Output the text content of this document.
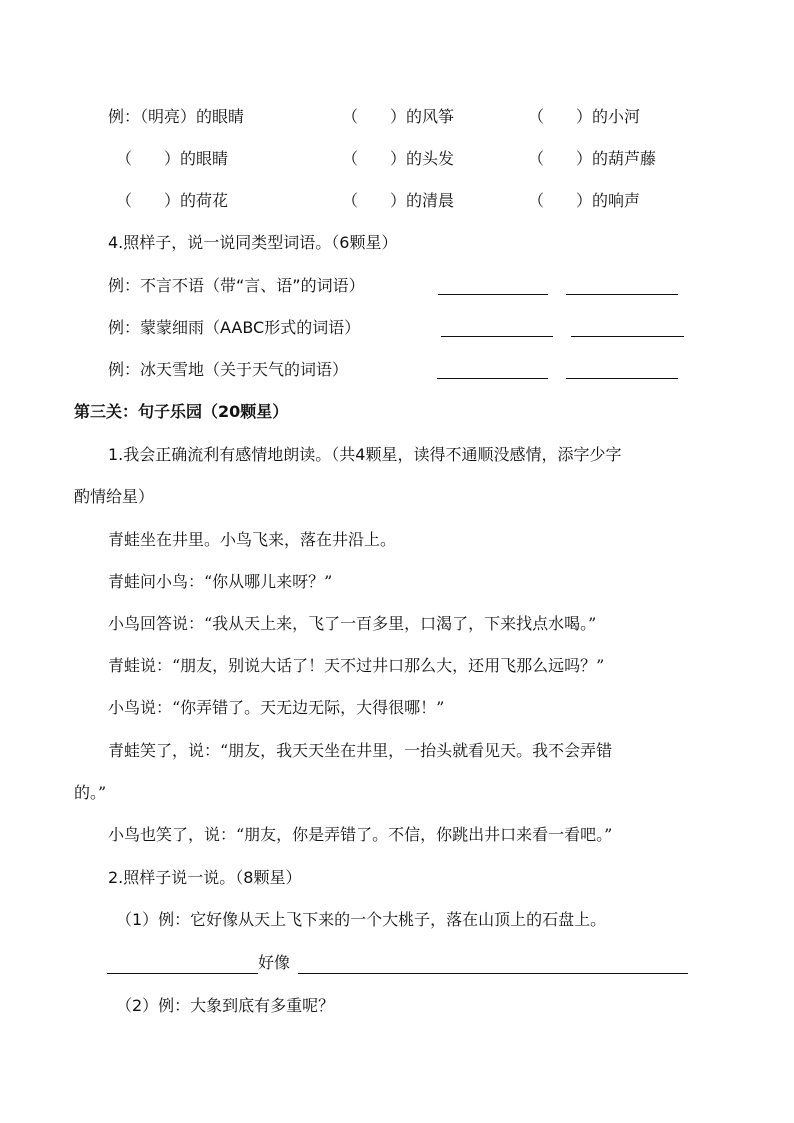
例：（明亮）的眼睛	（　　）的风筝	（　　）的小河
（　　）的眼睛	（　　）的头发	（　　）的葫芦藤
（　　）的荷花	（　　）的清晨	（　　）的响声
4.照样子，说一说同类型词语。（6颗星）
例：不言不语（带“言、语”的词语）
例：蒙蒙细雨（AABC形式的词语）
例：冰天雪地（关于天气的词语）
第三关：句子乐园（20颗星）
1.我会正确流利有感情地朗读。（共4颗星，读得不通顺没感情，添字少字
酌情给星）
青蛙坐在井里。小鸟飞来，落在井沿上。
青蛙问小鸟：“你从哪儿来呀？”
小鸟回答说：“我从天上来，飞了一百多里，口渴了，下来找点水喝。”
青蛙说：“朋友，别说大话了！天不过井口那么大，还用飞那么远吗？”
小鸟说：“你弄错了。天无边无际，大得很哪！”
青蛙笑了，说：“朋友，我天天坐在井里，一抬头就看见天。我不会弄错
的。”
小鸟也笑了，说：“朋友，你是弄错了。不信，你跳出井口来看一看吧。”
2.照样子说一说。（8颗星）
（1）例：它好像从天上飞下来的一个大桃子，落在山顶上的石盘上。
好像
（2）例：大象到底有多重呢？
